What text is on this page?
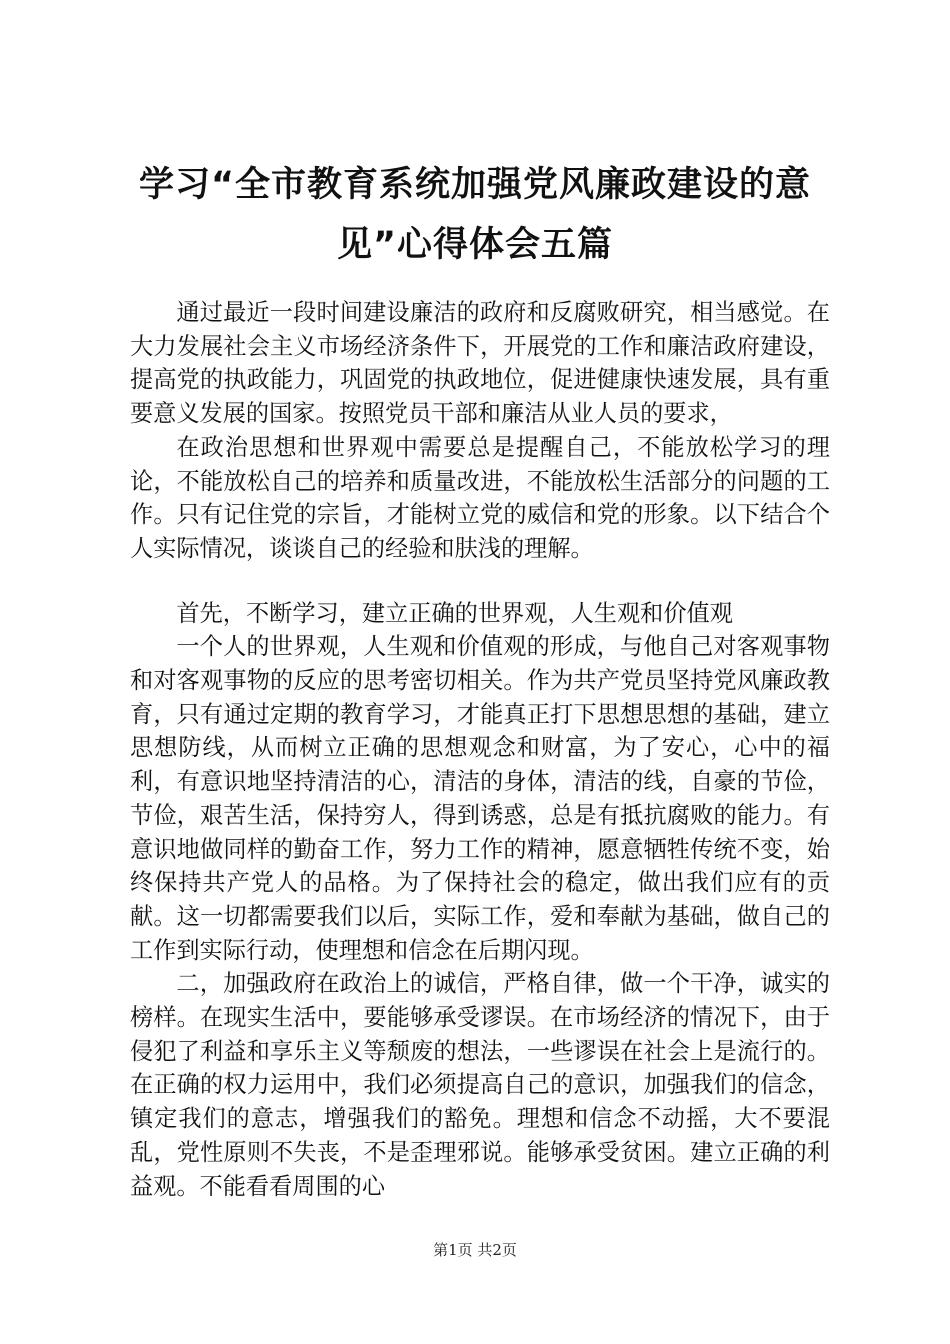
学习“全市教育系统加强党风廉政建设的意
见”心得体会五篇

通过最近一段时间建设廉洁的政府和反腐败研究，相当感觉。在大力发展社会主义市场经济条件下，开展党的工作和廉洁政府建设，提高党的执政能力，巩固党的执政地位，促进健康快速发展，具有重要意义发展的国家。按照党员干部和廉洁从业人员的要求，

在政治思想和世界观中需要总是提醒自己，不能放松学习的理论，不能放松自己的培养和质量改进，不能放松生活部分的问题的工作。只有记住党的宗旨，才能树立党的威信和党的形象。以下结合个人实际情况，谈谈自己的经验和肤浅的理解。

首先，不断学习，建立正确的世界观，人生观和价值观

一个人的世界观，人生观和价值观的形成，与他自己对客观事物和对客观事物的反应的思考密切相关。作为共产党员坚持党风廉政教育，只有通过定期的教育学习，才能真正打下思想思想的基础，建立思想防线，从而树立正确的思想观念和财富，为了安心，心中的福利，有意识地坚持清洁的心，清洁的身体，清洁的线，自豪的节俭，节俭，艰苦生活，保持穷人，得到诱惑，总是有抵抗腐败的能力。有意识地做同样的勤奋工作，努力工作的精神，愿意牺牲传统不变，始终保持共产党人的品格。为了保持社会的稳定，做出我们应有的贡献。这一切都需要我们以后，实际工作，爱和奉献为基础，做自己的工作到实际行动，使理想和信念在后期闪现。

二，加强政府在政治上的诚信，严格自律，做一个干净，诚实的榜样。在现实生活中，要能够承受谬误。在市场经济的情况下，由于侵犯了利益和享乐主义等颓废的想法，一些谬误在社会上是流行的。在正确的权力运用中，我们必须提高自己的意识，加强我们的信念，镇定我们的意志，增强我们的豁免。理想和信念不动摇，大不要混乱，党性原则不失丧，不是歪理邪说。能够承受贫困。建立正确的利益观。不能看看周围的心

第1页 共2页
